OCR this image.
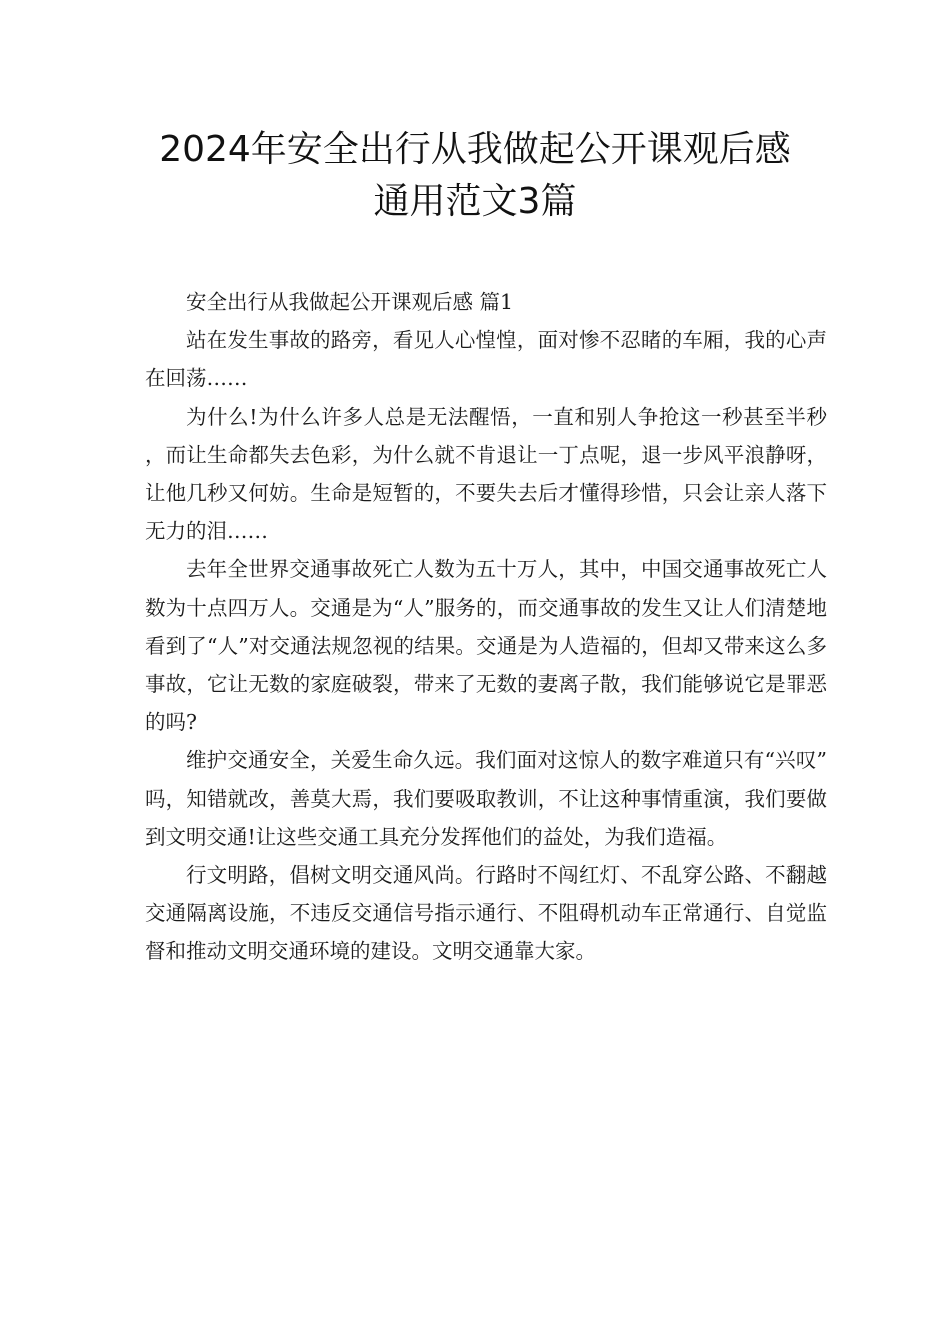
2024年安全出行从我做起公开课观后感
通用范文3篇

安全出行从我做起公开课观后感 篇1

站在发生事故的路旁，看见人心惶惶，面对惨不忍睹的车厢，我的心声在回荡……

为什么!为什么许多人总是无法醒悟，一直和别人争抢这一秒甚至半秒，而让生命都失去色彩，为什么就不肯退让一丁点呢，退一步风平浪静呀，让他几秒又何妨。生命是短暂的，不要失去后才懂得珍惜，只会让亲人落下无力的泪……

去年全世界交通事故死亡人数为五十万人，其中，中国交通事故死亡人数为十点四万人。交通是为“人”服务的，而交通事故的发生又让人们清楚地看到了“人”对交通法规忽视的结果。交通是为人造福的，但却又带来这么多事故，它让无数的家庭破裂，带来了无数的妻离子散，我们能够说它是罪恶的吗?

维护交通安全，关爱生命久远。我们面对这惊人的数字难道只有“兴叹”吗，知错就改，善莫大焉，我们要吸取教训，不让这种事情重演，我们要做到文明交通!让这些交通工具充分发挥他们的益处，为我们造福。

行文明路，倡树文明交通风尚。行路时不闯红灯、不乱穿公路、不翻越交通隔离设施，不违反交通信号指示通行、不阻碍机动车正常通行、自觉监督和推动文明交通环境的建设。文明交通靠大家。
